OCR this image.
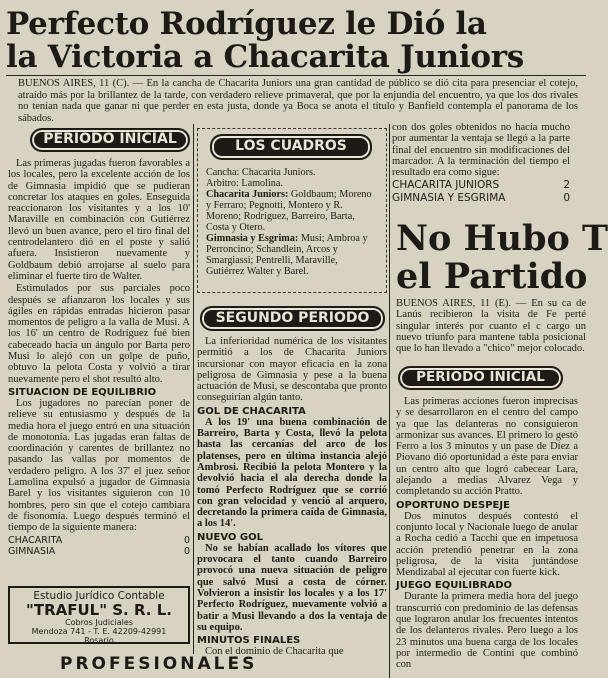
Perfecto Rodríguez le Dió la
la Victoria a Chacarita Juniors
BUENOS AIRES, 11 (C). — En la cancha de Chacarita Juniors una gran cantidad de público se dió cita para presenciar el cotejo, atraído más por la brillantez de la tarde, con verdadero relieve primaveral, que por la enjundia del encuentro, ya que los dos rivales no tenían nada que ganar ni que perder en esta justa, donde ya Boca se anota el título y Banfield contempla el panorama de los sábados.
PERIODO INICIAL

Las primeras jugadas fueron favorables a los locales, pero la excelente acción de los de Gimnasia impidió que se pudieran concretar los ataques en goles. Enseguida reaccionaron los visitantes y a los 10' Maraville en combinación con Gutiérrez llevó un buen avance, pero el tiro final del centrodelantero dió en el poste y salió afuera. Insistieron nuevamente y Goldbaum debió arrojarse al suelo para eliminar el fuerte tiro de Walter.

Estimulados por sus parciales poco después se afianzaron los locales y sus ágiles en rápidas entradas hicieron pasar momentos de peligro a la valla de Musi. A los 16' un centro de Rodríguez fué bien cabeceado hacia un ángulo por Barta pero Musi lo alejó con un golpe de puño, obtuvo la pelota Costa y volvió a tirar nuevamente pero el shot resultó alto.

SITUACION DE EQUILIBRIO

Los jugadores no parecían poner de relieve su entusiasmo y después de la media hora el juego entró en una situación de monotonía. Las jugadas eran faltas de coordinación y carentes de brillantez no pasando las vallas por momentos de verdadero peligro. A los 37' el juez señor Lamolina expulsó a jugador de Gimnasia Barel y los visitantes siguieron con 10 hombres, pero sin que el cotejo cambiara de fisonomía. Luego después terminó el tiempo de la siguiente manera:

CHACARITA	0
GIMNASIA	0
Estudio Jurídico Contable
"TRAFUL" S. R. L.
Cobros Judiciales
Mendoza 741 - T. E. 42209-42991
Rosario
PROFESIONALES
Cancha: Chacarita Juniors.
Arbitro: Lamolina.
Chacarita Juniors: Goldbaum; Moreno y Ferraro; Pegnotti, Montero y R. Moreno; Rodríguez, Barreiro, Barta, Costa y Otero.
Gimnasia y Esgrima: Musi; Ambroa y Perroncino; Schandlein, Arcos y Smargiassi; Pentrelli, Maraville, Gutiérrez Walter y Barel.
LOS CUADROS
SEGUNDO PERIODO

La inferioridad numérica de los visitantes permitió a los de Chacarita Juniors incursionar con mayor eficacia en la zona peligrosa de Gimnasia y pese a la buena actuación de Musi, se descontaba que pronto conseguirían algún tanto.

GOL DE CHACARITA

A los 19' una buena combinación de Barreiro, Barta y Costa, llevó la pelota hasta las cercanías del arco de los platenses, pero en última instancia alejó Ambrosi. Recibió la pelota Montero y la devolvió hacia el ala derecha donde la tomó Perfecto Rodríguez que se corrió con gran velocidad y venció al arquero, decretando la primera caída de Gimnasia, a los 14'.

NUEVO GOL

No se habían acallado los vítores que provocara el tanto cuando Barreiro provocó una nueva situación de peligro que salvó Musi a costa de córner. Volvieron a insistir los locales y a los 17' Perfecto Rodríguez, nuevamente volvió a batir a Musi llevando a dos la ventaja de su equipo.

MINUTOS FINALES

Con el dominio de Chacarita que

con dos goles obtenidos no hacía mucho por aumentar la ventaja se llegó a la parte final del encuentro sin modificaciones del marcador. A la terminación del tiempo el resultado era como sigue:

CHACARITA JUNIORS	2
GIMNASIA Y ESGRIMA	0
No Hubo T
el Partido
BUENOS AIRES, 11 (E). — En su ca de Lanús recibieron la visita de Fe perté singular interés por cuanto el c cargo un nuevo triunfo para mantene tabla posicional que lo han llevado a "chico" mejor colocado.
PERIODO INICIAL

Las primeras acciones fueron imprecisas y se desarrollaron en el centro del campo ya que las delanteras no consiguieron armonizar sus avances. El primero lo gestó Ferro a los 3 minutos y un pase de Díez a Piovano dió oportunidad a éste para enviar un centro alto que logró cabecear Lara, alejando a medias Alvarez Vega y completando su acción Pratto.

OPORTUNO DESPEJE

Dos minutos después contestó el conjunto local y Nacionale luego de anular a Rocha cedió a Tacchi que en impetuosa acción pretendió penetrar en la zona peligrosa, de la visita juntándose Mendizabal al ejecutar con fuerte kick.

JUEGO EQUILIBRADO

Durante la primera media hora del juego transcurrió con predominio de las defensas que lograron anular los frecuentes intentos de los delanteros rivales. Pero luego a los 23 minutos una buena carga de los locales por intermedio de Contini que combinó con
